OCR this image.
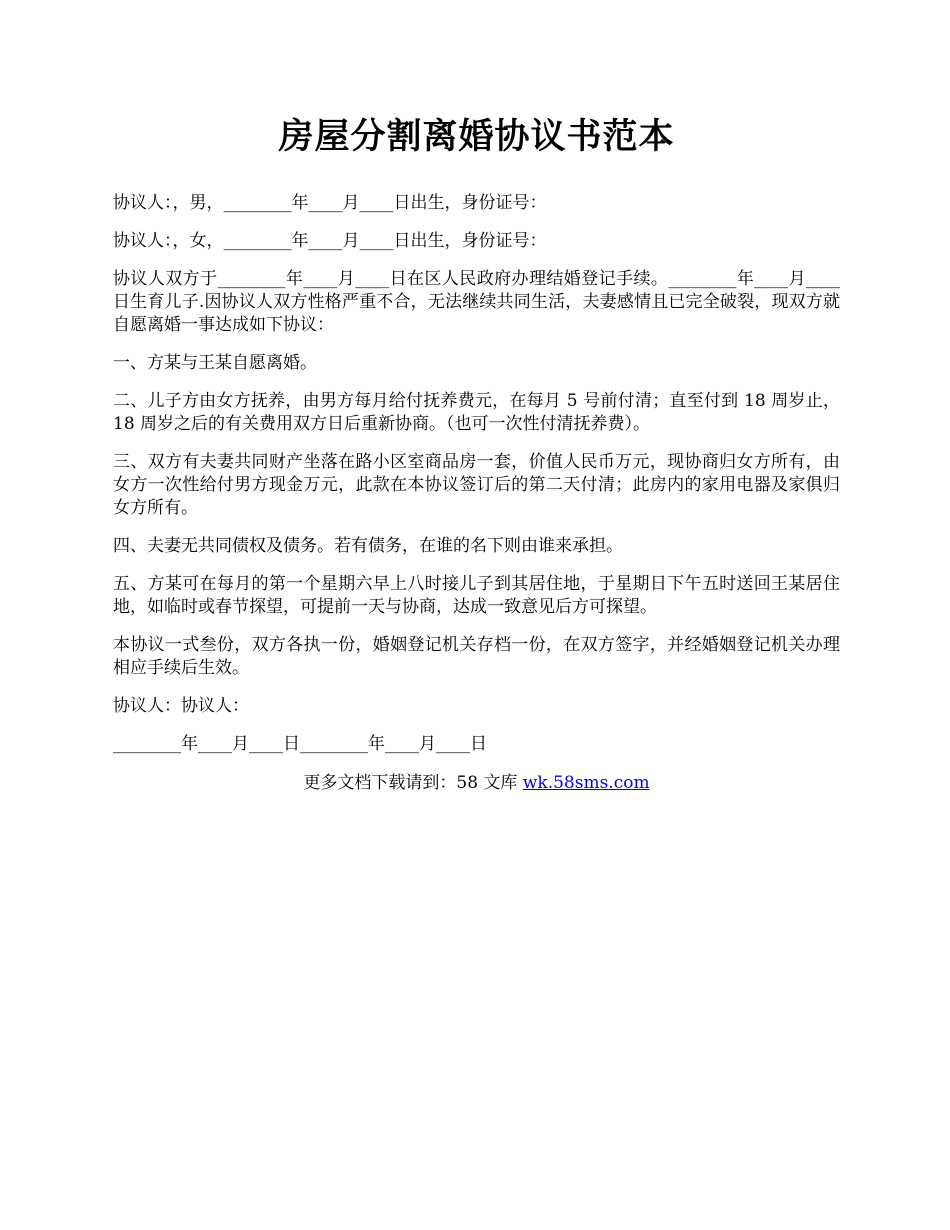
房屋分割离婚协议书范本

协议人：，男，________年____月____日出生，身份证号：

协议人：，女，________年____月____日出生，身份证号：

协议人双方于________年____月____日在区人民政府办理结婚登记手续。________年____月____日生育儿子.因协议人双方性格严重不合，无法继续共同生活，夫妻感情且已完全破裂，现双方就自愿离婚一事达成如下协议：

一、方某与王某自愿离婚。

二、儿子方由女方抚养，由男方每月给付抚养费元，在每月 5 号前付清；直至付到 18 周岁止，18 周岁之后的有关费用双方日后重新协商。（也可一次性付清抚养费）。

三、双方有夫妻共同财产坐落在路小区室商品房一套，价值人民币万元，现协商归女方所有，由女方一次性给付男方现金万元，此款在本协议签订后的第二天付清；此房内的家用电器及家俱归女方所有。

四、夫妻无共同债权及债务。若有债务，在谁的名下则由谁来承担。

五、方某可在每月的第一个星期六早上八时接儿子到其居住地，于星期日下午五时送回王某居住地，如临时或春节探望，可提前一天与协商，达成一致意见后方可探望。

本协议一式叁份，双方各执一份，婚姻登记机关存档一份，在双方签字，并经婚姻登记机关办理相应手续后生效。

协议人：协议人：

________年____月____日________年____月____日

更多文档下载请到：58 文库 wk.58sms.com
